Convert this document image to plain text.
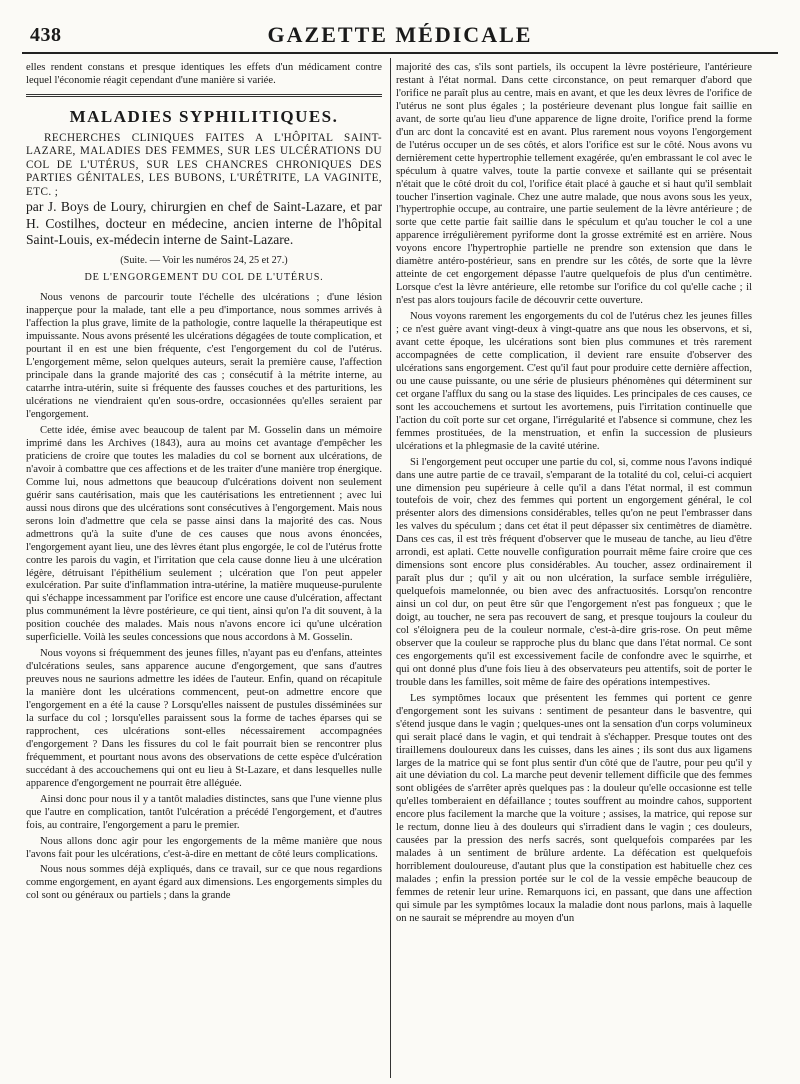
438	GAZETTE MÉDICALE

elles rendent constans et presque identiques les effets d'un médicament contre lequel l'économie réagit cependant d'une manière si variée.

MALADIES SYPHILITIQUES.
RECHERCHES CLINIQUES FAITES A L'HÔPITAL SAINT-LAZARE, MALADIES DES FEMMES, SUR LES ULCÉRATIONS DU COL DE L'UTÉRUS, SUR LES CHANCRES CHRONIQUES DES PARTIES GÉNITALES, LES BUBONS, L'URÉTRITE, LA VAGINITE, ETC. ;
par J. Boys de Loury, chirurgien en chef de Saint-Lazare, et par H. Costilhes, docteur en médecine, ancien interne de l'hôpital Saint-Louis, ex-médecin interne de Saint-Lazare.
(Suite. — Voir les numéros 24, 25 et 27.)
DE L'ENGORGEMENT DU COL DE L'UTÉRUS.

Nous venons de parcourir toute l'échelle des ulcérations ; d'une lésion inapperçue pour la malade, tant elle a peu d'importance, nous sommes arrivés à l'affection la plus grave, limite de la pathologie, contre laquelle la thérapeutique est impuissante. Nous avons présenté les ulcérations dégagées de toute complication, et pourtant il en est une bien fréquente, c'est l'engorgement du col de l'utérus. L'engorgement même, selon quelques auteurs, serait la première cause, l'affection principale dans la grande majorité des cas ; consécutif à la métrite interne, au catarrhe intra-utérin, suite si fréquente des fausses couches et des parturitions, les ulcérations ne viendraient qu'en sous-ordre, occasionnées qu'elles seraient par l'engorgement.

Cette idée, émise avec beaucoup de talent par M. Gosselin dans un mémoire imprimé dans les Archives (1843), aura au moins cet avantage d'empêcher les praticiens de croire que toutes les maladies du col se bornent aux ulcérations, de n'avoir à combattre que ces affections et de les traiter d'une manière trop énergique. Comme lui, nous admettons que beaucoup d'ulcérations doivent non seulement guérir sans cautérisation, mais que les cautérisations les entretiennent ; avec lui aussi nous dirons que des ulcérations sont consécutives à l'engorgement. Mais nous serons loin d'admettre que cela se passe ainsi dans la majorité des cas. Nous admettrons qu'à la suite d'une de ces causes que nous avons énoncées, l'engorgement ayant lieu, une des lèvres étant plus engorgée, le col de l'utérus frotte contre les parois du vagin, et l'irritation que cela cause donne lieu à une ulcération légère, détruisant l'épithélium seulement ; ulcération que l'on peut appeler exulcération. Par suite d'inflammation intra-utérine, la matière muqueuse-purulente qui s'échappe incessamment par l'orifice est encore une cause d'ulcération, affectant plus communément la lèvre postérieure, ce qui tient, ainsi qu'on l'a dit souvent, à la position couchée des malades. Mais nous n'avons encore ici qu'une ulcération superficielle. Voilà les seules concessions que nous accordons à M. Gosselin.

Nous voyons si fréquemment des jeunes filles, n'ayant pas eu d'enfans, atteintes d'ulcérations seules, sans apparence aucune d'engorgement, que sans d'autres preuves nous ne saurions admettre les idées de l'auteur. Enfin, quand on récapitule la manière dont les ulcérations commencent, peut-on admettre encore que l'engorgement en a été la cause ? Lorsqu'elles naissent de pustules disséminées sur la surface du col ; lorsqu'elles paraissent sous la forme de taches éparses qui se rapprochent, ces ulcérations sont-elles nécessairement accompagnées d'engorgement ? Dans les fissures du col le fait pourrait bien se rencontrer plus fréquemment, et pourtant nous avons des observations de cette espèce d'ulcération succédant à des accouchemens qui ont eu lieu à St-Lazare, et dans lesquelles nulle apparence d'engorgement ne pourrait être alléguée.

Ainsi donc pour nous il y a tantôt maladies distinctes, sans que l'une vienne plus que l'autre en complication, tantôt l'ulcération a précédé l'engorgement, et d'autres fois, au contraire, l'engorgement a paru le premier.

Nous allons donc agir pour les engorgements de la même manière que nous l'avons fait pour les ulcérations, c'est-à-dire en mettant de côté leurs complications.

Nous nous sommes déjà expliqués, dans ce travail, sur ce que nous regardions comme engorgement, en ayant égard aux dimensions. Les engorgements simples du col sont ou généraux ou partiels ; dans la grande

majorité des cas, s'ils sont partiels, ils occupent la lèvre postérieure, l'antérieure restant à l'état normal. Dans cette circonstance, on peut remarquer d'abord que l'orifice ne paraît plus au centre, mais en avant, et que les deux lèvres de l'orifice de l'utérus ne sont plus égales ; la postérieure devenant plus longue fait saillie en avant, de sorte qu'au lieu d'une apparence de ligne droite, l'orifice prend la forme d'un arc dont la concavité est en avant. Plus rarement nous voyons l'engorgement de l'utérus occuper un de ses côtés, et alors l'orifice est sur le côté. Nous avons vu dernièrement cette hypertrophie tellement exagérée, qu'en embrassant le col avec le spéculum à quatre valves, toute la partie convexe et saillante qui se présentait n'était que le côté droit du col, l'orifice était placé à gauche et si haut qu'il semblait toucher l'insertion vaginale. Chez une autre malade, que nous avons sous les yeux, l'hypertrophie occupe, au contraire, une partie seulement de la lèvre antérieure ; de sorte que cette partie fait saillie dans le spéculum et qu'au toucher le col a une apparence irrégulièrement pyriforme dont la grosse extrémité est en arrière. Nous voyons encore l'hypertrophie partielle ne prendre son extension que dans le diamètre antéro-postérieur, sans en prendre sur les côtés, de sorte que la lèvre atteinte de cet engorgement dépasse l'autre quelquefois de plus d'un centimètre. Lorsque c'est la lèvre antérieure, elle retombe sur l'orifice du col qu'elle cache ; il n'est pas alors toujours facile de découvrir cette ouverture.

Nous voyons rarement les engorgements du col de l'utérus chez les jeunes filles ; ce n'est guère avant vingt-deux à vingt-quatre ans que nous les observons, et si, avant cette époque, les ulcérations sont bien plus communes et très rarement accompagnées de cette complication, il devient rare ensuite d'observer des ulcérations sans engorgement. C'est qu'il faut pour produire cette dernière affection, ou une cause puissante, ou une série de plusieurs phénomènes qui déterminent sur cet organe l'afflux du sang ou la stase des liquides. Les principales de ces causes, ce sont les accouchemens et surtout les avortemens, puis l'irritation continuelle que l'action du coït porte sur cet organe, l'irrégularité et l'absence si commune, chez les femmes prostituées, de la menstruation, et enfin la succession de plusieurs ulcérations et la phlegmasie de la cavité utérine.

Si l'engorgement peut occuper une partie du col, si, comme nous l'avons indiqué dans une autre partie de ce travail, s'emparant de la totalité du col, celui-ci acquiert une dimension peu supérieure à celle qu'il a dans l'état normal, il est commun toutefois de voir, chez des femmes qui portent un engorgement général, le col présenter alors des dimensions considérables, telles qu'on ne peut l'embrasser dans les valves du spéculum ; dans cet état il peut dépasser six centimètres de diamètre. Dans ces cas, il est très fréquent d'observer que le museau de tanche, au lieu d'être arrondi, est aplati. Cette nouvelle configuration pourrait même faire croire que ces dimensions sont encore plus considérables. Au toucher, assez ordinairement il paraît plus dur ; qu'il y ait ou non ulcération, la surface semble irrégulière, quelquefois mamelonnée, ou bien avec des anfractuosités. Lorsqu'on rencontre ainsi un col dur, on peut être sûr que l'engorgement n'est pas fongueux ; que le doigt, au toucher, ne sera pas recouvert de sang, et presque toujours la couleur du col s'éloignera peu de la couleur normale, c'est-à-dire gris-rose. On peut même observer que la couleur se rapproche plus du blanc que dans l'état normal. Ce sont ces engorgements qu'il est excessivement facile de confondre avec le squirrhe, et qui ont donné plus d'une fois lieu à des observateurs peu attentifs, soit de porter le trouble dans les familles, soit même de faire des opérations intempestives.

Les symptômes locaux que présentent les femmes qui portent ce genre d'engorgement sont les suivans : sentiment de pesanteur dans le basventre, qui s'étend jusque dans le vagin ; quelques-unes ont la sensation d'un corps volumineux qui serait placé dans le vagin, et qui tendrait à s'échapper. Presque toutes ont des tiraillemens douloureux dans les cuisses, dans les aines ; ils sont dus aux ligamens larges de la matrice qui se font plus sentir d'un côté que de l'autre, pour peu qu'il y ait une déviation du col. La marche peut devenir tellement difficile que des femmes sont obligées de s'arrêter après quelques pas : la douleur qu'elle occasionne est telle qu'elles tomberaient en défaillance ; toutes souffrent au moindre cahos, supportent encore plus facilement la marche que la voiture ; assises, la matrice, qui repose sur le rectum, donne lieu à des douleurs qui s'irradient dans le vagin ; ces douleurs, causées par la pression des nerfs sacrés, sont quelquefois comparées par les malades à un sentiment de brûlure ardente. La défécation est quelquefois horriblement douloureuse, d'autant plus que la constipation est habituelle chez ces malades ; enfin la pression portée sur le col de la vessie empêche beaucoup de femmes de retenir leur urine. Remarquons ici, en passant, que dans une affection qui simule par les symptômes locaux la maladie dont nous parlons, mais à laquelle on ne saurait se méprendre au moyen d'un
